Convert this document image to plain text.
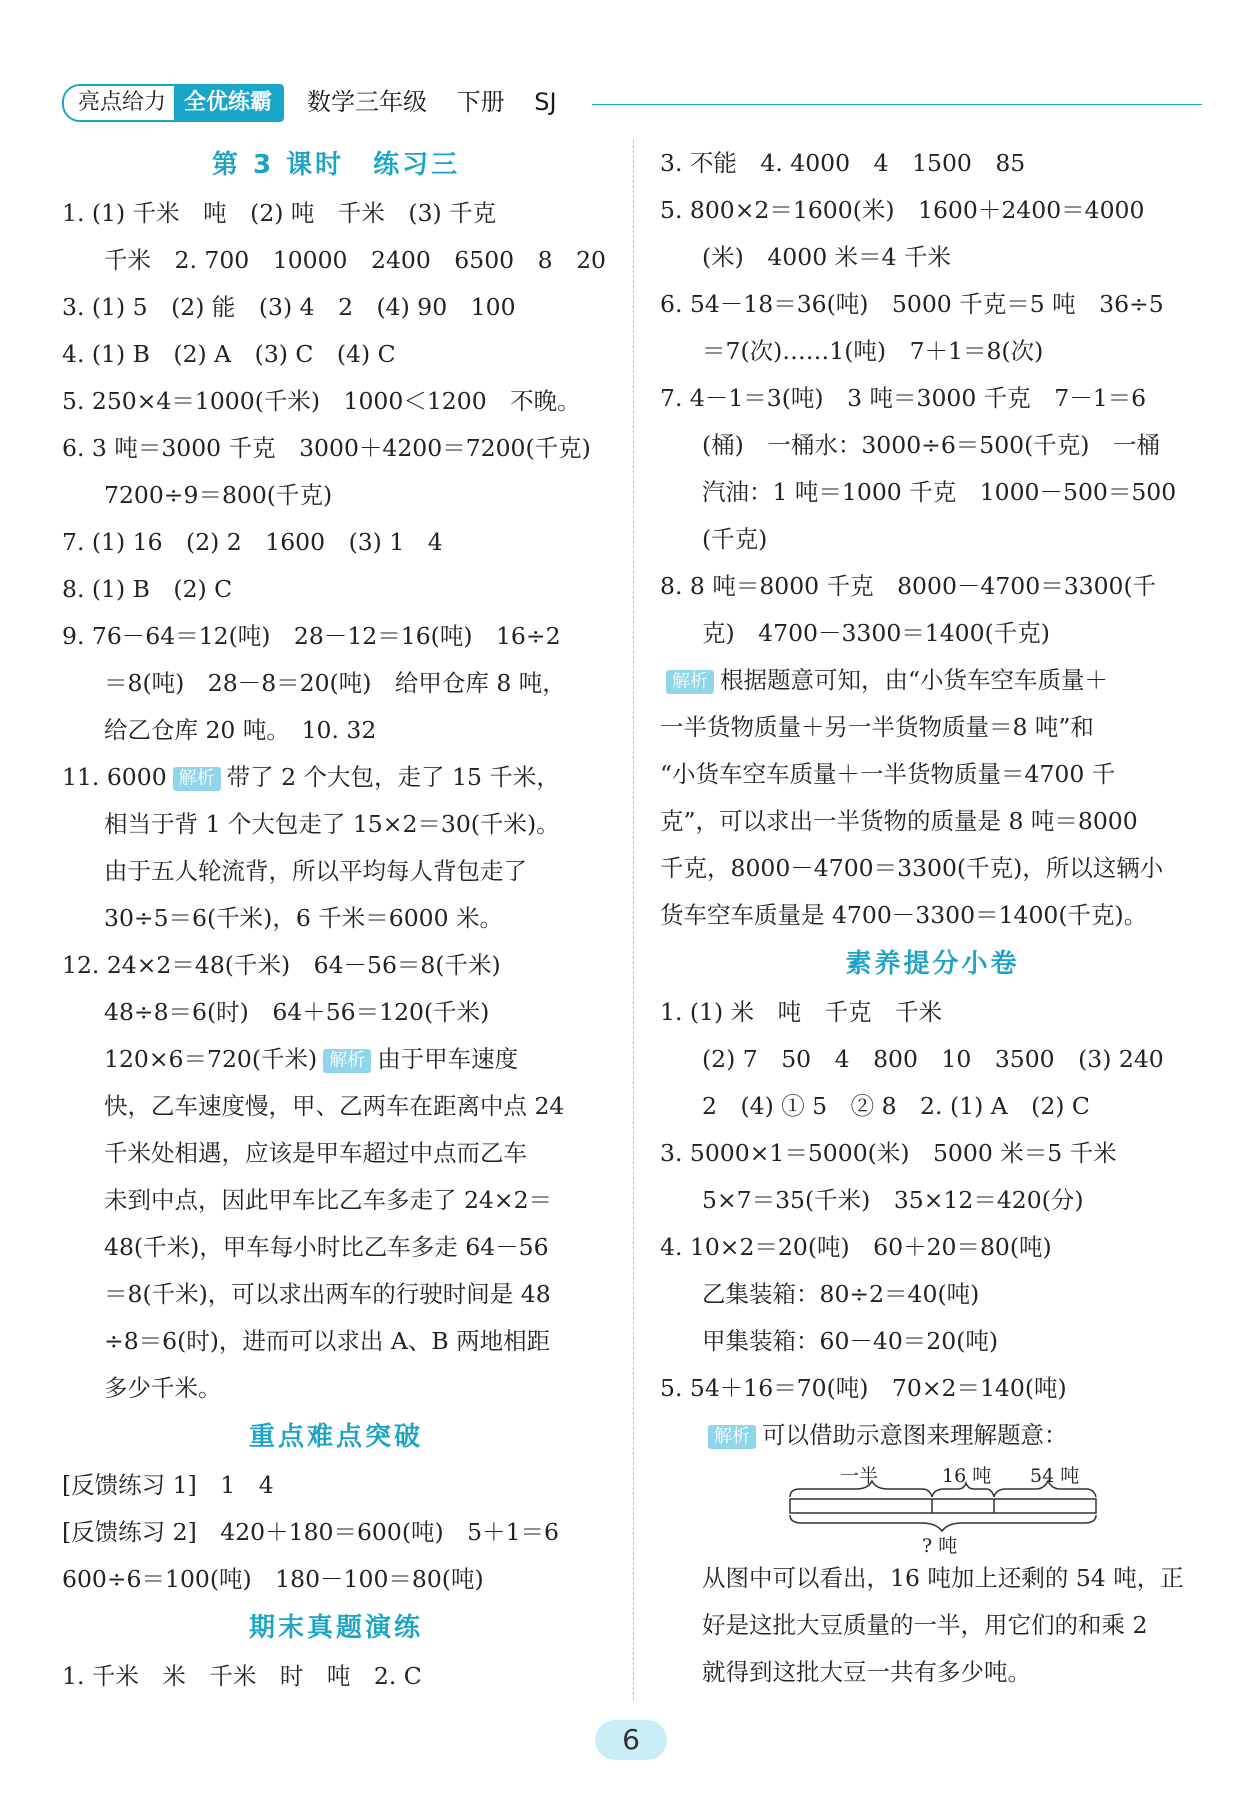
亮点给力 全优练霸	数学三年级 下册 SJ
第 3 课时　练习三
1. (1) 千米　吨　(2) 吨　千米　(3) 千克
千米　2. 700　10000　2400　6500　8　20
3. (1) 5　(2) 能　(3) 4　2　(4) 90　100
4. (1) B　(2) A　(3) C　(4) C
5. 250×4＝1000(千米)　1000＜1200　不晚。
6. 3 吨＝3000 千克　3000＋4200＝7200(千克)
7200÷9＝800(千克)
7. (1) 16　(2) 2　1600　(3) 1　4
8. (1) B　(2) C
9. 76－64＝12(吨)　28－12＝16(吨)　16÷2
＝8(吨)　28－8＝20(吨)　给甲仓库 8 吨，
给乙仓库 20 吨。　10. 32
11. 6000 解析 带了 2 个大包，走了 15 千米，
相当于背 1 个大包走了 15×2＝30(千米)。
由于五人轮流背，所以平均每人背包走了
30÷5＝6(千米)，6 千米＝6000 米。
12. 24×2＝48(千米)　64－56＝8(千米)
48÷8＝6(时)　64＋56＝120(千米)
120×6＝720(千米) 解析 由于甲车速度
快，乙车速度慢，甲、乙两车在距离中点 24
千米处相遇，应该是甲车超过中点而乙车
未到中点，因此甲车比乙车多走了 24×2＝
48(千米)，甲车每小时比乙车多走 64－56
＝8(千米)，可以求出两车的行驶时间是 48
÷8＝6(时)，进而可以求出 A、B 两地相距
多少千米。
重点难点突破
[反馈练习 1]　1　4
[反馈练习 2]　420＋180＝600(吨)　5＋1＝6
600÷6＝100(吨)　180－100＝80(吨)
期末真题演练
1. 千米　米　千米　时　吨　2. C
3. 不能　4. 4000　4　1500　85
5. 800×2＝1600(米)　1600＋2400＝4000
(米)　4000 米＝4 千米
6. 54－18＝36(吨)　5000 千克＝5 吨　36÷5
＝7(次)……1(吨)　7＋1＝8(次)
7. 4－1＝3(吨)　3 吨＝3000 千克　7－1＝6
(桶)　一桶水：3000÷6＝500(千克)　一桶
汽油：1 吨＝1000 千克　1000－500＝500
(千克)
8. 8 吨＝8000 千克　8000－4700＝3300(千
克)　4700－3300＝1400(千克)
解析 根据题意可知，由“小货车空车质量＋
一半货物质量＋另一半货物质量＝8 吨”和
“小货车空车质量＋一半货物质量＝4700 千
克”，可以求出一半货物的质量是 8 吨＝8000
千克，8000－4700＝3300(千克)，所以这辆小
货车空车质量是 4700－3300＝1400(千克)。
素养提分小卷
1. (1) 米　吨　千克　千米
(2) 7　50　4　800　10　3500　(3) 240
2　(4) ① 5　② 8　2. (1) A　(2) C
3. 5000×1＝5000(米)　5000 米＝5 千米
5×7＝35(千米)　35×12＝420(分)
4. 10×2＝20(吨)　60＋20＝80(吨)
乙集装箱：80÷2＝40(吨)
甲集装箱：60－40＝20(吨)
5. 54＋16＝70(吨)　70×2＝140(吨)
解析 可以借助示意图来理解题意：
一半	16 吨 54 吨
? 吨
从图中可以看出，16 吨加上还剩的 54 吨，正
好是这批大豆质量的一半，用它们的和乘 2
就得到这批大豆一共有多少吨。
6
